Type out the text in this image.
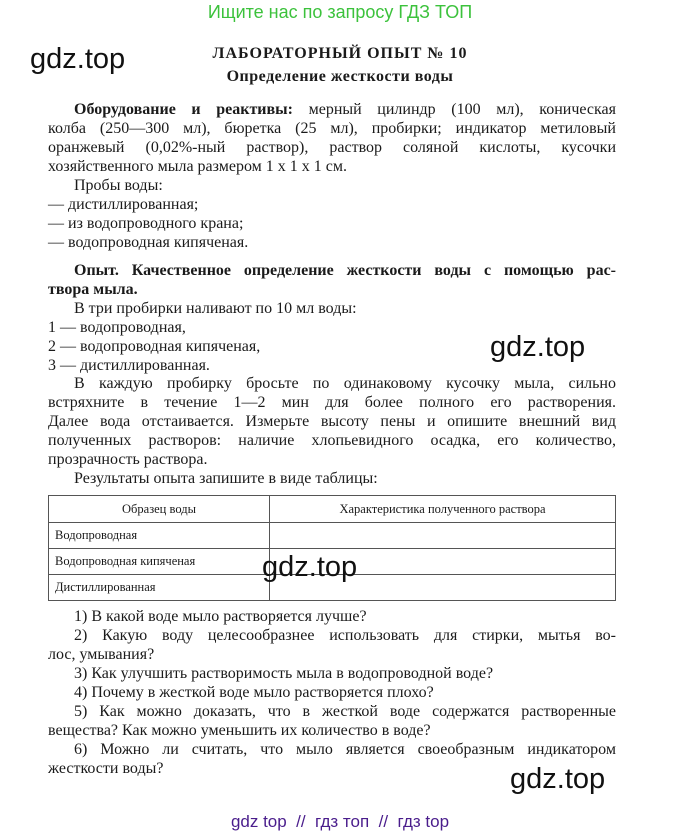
Ищите нас по запросу ГДЗ ТОП
ЛАБОРАТОРНЫЙ ОПЫТ № 10
Определение жесткости воды
gdz.top
gdz.top
gdz.top
Оборудование и реактивы: мерный цилиндр (100 мл), коническая
колба (250—300 мл), бюретка (25 мл), пробирки; индикатор метиловый
оранжевый (0,02%-ный раствор), раствор соляной кислоты, кусочки
хозяйственного мыла размером 1 x 1 x 1 см.
Пробы воды:
— дистиллированная;
— из водопроводного крана;
— водопроводная кипяченая.
Опыт. Качественное определение жесткости воды с помощью рас-
твора мыла.
В три пробирки наливают по 10 мл воды:
1 — водопроводная,
2 — водопроводная кипяченая,
3 — дистиллированная.
В каждую пробирку бросьте по одинаковому кусочку мыла, сильно
встряхните в течение 1—2 мин для более полного его растворения.
Далее вода отстаивается. Измерьте высоту пены и опишите внешний вид
полученных растворов: наличие хлопьевидного осадка, его количество,
прозрачность раствора.
Результаты опыта запишите в виде таблицы:
Образец воды	Характеристика полученного раствора
Водопроводная	
Водопроводная кипяченая	
Дистиллированная	
gdz.top
1) В какой воде мыло растворяется лучше?
2) Какую воду целесообразнее использовать для стирки, мытья во-
лос, умывания?
3) Как улучшить растворимость мыла в водопроводной воде?
4) Почему в жесткой воде мыло растворяется плохо?
5) Как можно доказать, что в жесткой воде содержатся растворенные
вещества? Как можно уменьшить их количество в воде?
6) Можно ли считать, что мыло является своеобразным индикатором
жесткости воды?
gdz top  //  гдз топ  //  гдз top
